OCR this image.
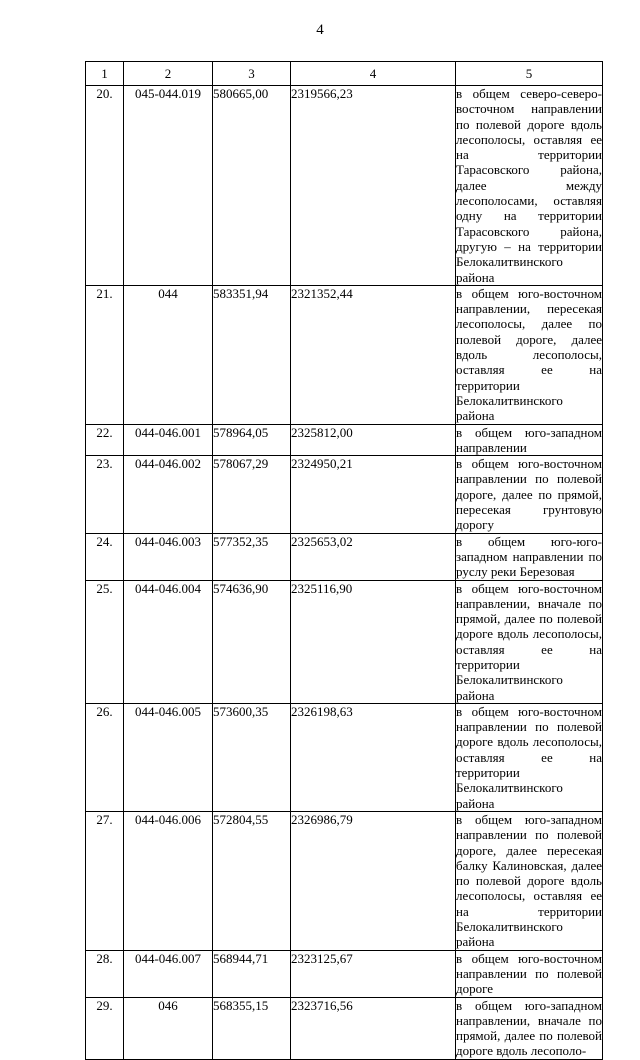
4
1	2	3	4	5
20.	045-044.019	580665,00	2319566,23	в общем северо-северо-восточном направлении по полевой дороге вдоль лесополосы, оставляя ее на территории Тарасовского района, далее между лесополосами, оставляя одну на территории Тарасовского района, другую – на территории Белокалитвинского района
21.	044	583351,94	2321352,44	в общем юго-восточном направлении, пересекая лесополосы, далее по полевой дороге, далее вдоль лесополосы, оставляя ее на территории Белокалитвинского района
22.	044-046.001	578964,05	2325812,00	в общем юго-западном направлении
23.	044-046.002	578067,29	2324950,21	в общем юго-восточном направлении по полевой дороге, далее по прямой, пересекая грунтовую дорогу
24.	044-046.003	577352,35	2325653,02	в общем юго-юго-западном направлении по руслу реки Березовая
25.	044-046.004	574636,90	2325116,90	в общем юго-восточном направлении, вначале по прямой, далее по полевой дороге вдоль лесополосы, оставляя ее на территории Белокалитвинского района
26.	044-046.005	573600,35	2326198,63	в общем юго-восточном направлении по полевой дороге вдоль лесополосы, оставляя ее на территории Белокалитвинского района
27.	044-046.006	572804,55	2326986,79	в общем юго-западном направлении по полевой дороге, далее пересекая балку Калиновская, далее по полевой дороге вдоль лесополосы, оставляя ее на территории Белокалитвинского района
28.	044-046.007	568944,71	2323125,67	в общем юго-восточном направлении по полевой дороге
29.	046	568355,15	2323716,56	в общем юго-западном направлении, вначале по прямой, далее по полевой дороге вдоль лесополо-
